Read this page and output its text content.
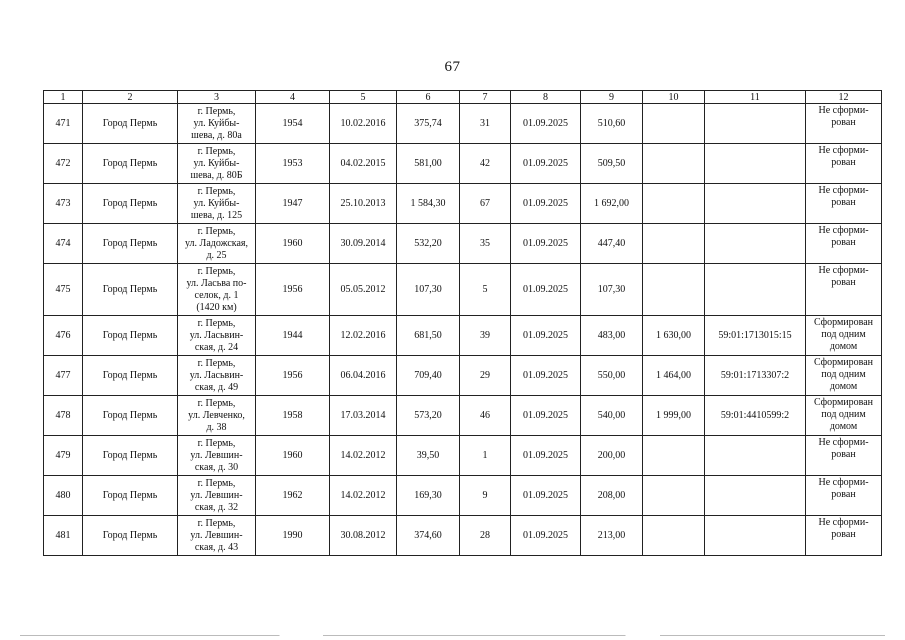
67
1	2	3	4	5	6	7	8	9	10	11	12
471	Город Пермь	г. Пермь,
ул. Куйбы-
шева, д. 80а	1954	10.02.2016	375,74	31	01.09.2025	510,60			Не сформи-
рован
472	Город Пермь	г. Пермь,
ул. Куйбы-
шева, д. 80Б	1953	04.02.2015	581,00	42	01.09.2025	509,50			Не сформи-
рован
473	Город Пермь	г. Пермь,
ул. Куйбы-
шева, д. 125	1947	25.10.2013	1 584,30	67	01.09.2025	1 692,00			Не сформи-
рован
474	Город Пермь	г. Пермь,
ул. Ладожская,
д. 25	1960	30.09.2014	532,20	35	01.09.2025	447,40			Не сформи-
рован
475	Город Пермь	г. Пермь,
ул. Ласьва по-
селок, д. 1
(1420 км)	1956	05.05.2012	107,30	5	01.09.2025	107,30			Не сформи-
рован
476	Город Пермь	г. Пермь,
ул. Ласьвин-
ская, д. 24	1944	12.02.2016	681,50	39	01.09.2025	483,00	1 630,00	59:01:1713015:15	Сформирован
под одним
домом
477	Город Пермь	г. Пермь,
ул. Ласьвин-
ская, д. 49	1956	06.04.2016	709,40	29	01.09.2025	550,00	1 464,00	59:01:1713307:2	Сформирован
под одним
домом
478	Город Пермь	г. Пермь,
ул. Левченко,
д. 38	1958	17.03.2014	573,20	46	01.09.2025	540,00	1 999,00	59:01:4410599:2	Сформирован
под одним
домом
479	Город Пермь	г. Пермь,
ул. Левшин-
ская, д. 30	1960	14.02.2012	39,50	1	01.09.2025	200,00			Не сформи-
рован
480	Город Пермь	г. Пермь,
ул. Левшин-
ская, д. 32	1962	14.02.2012	169,30	9	01.09.2025	208,00			Не сформи-
рован
481	Город Пермь	г. Пермь,
ул. Левшин-
ская, д. 43	1990	30.08.2012	374,60	28	01.09.2025	213,00			Не сформи-
рован
